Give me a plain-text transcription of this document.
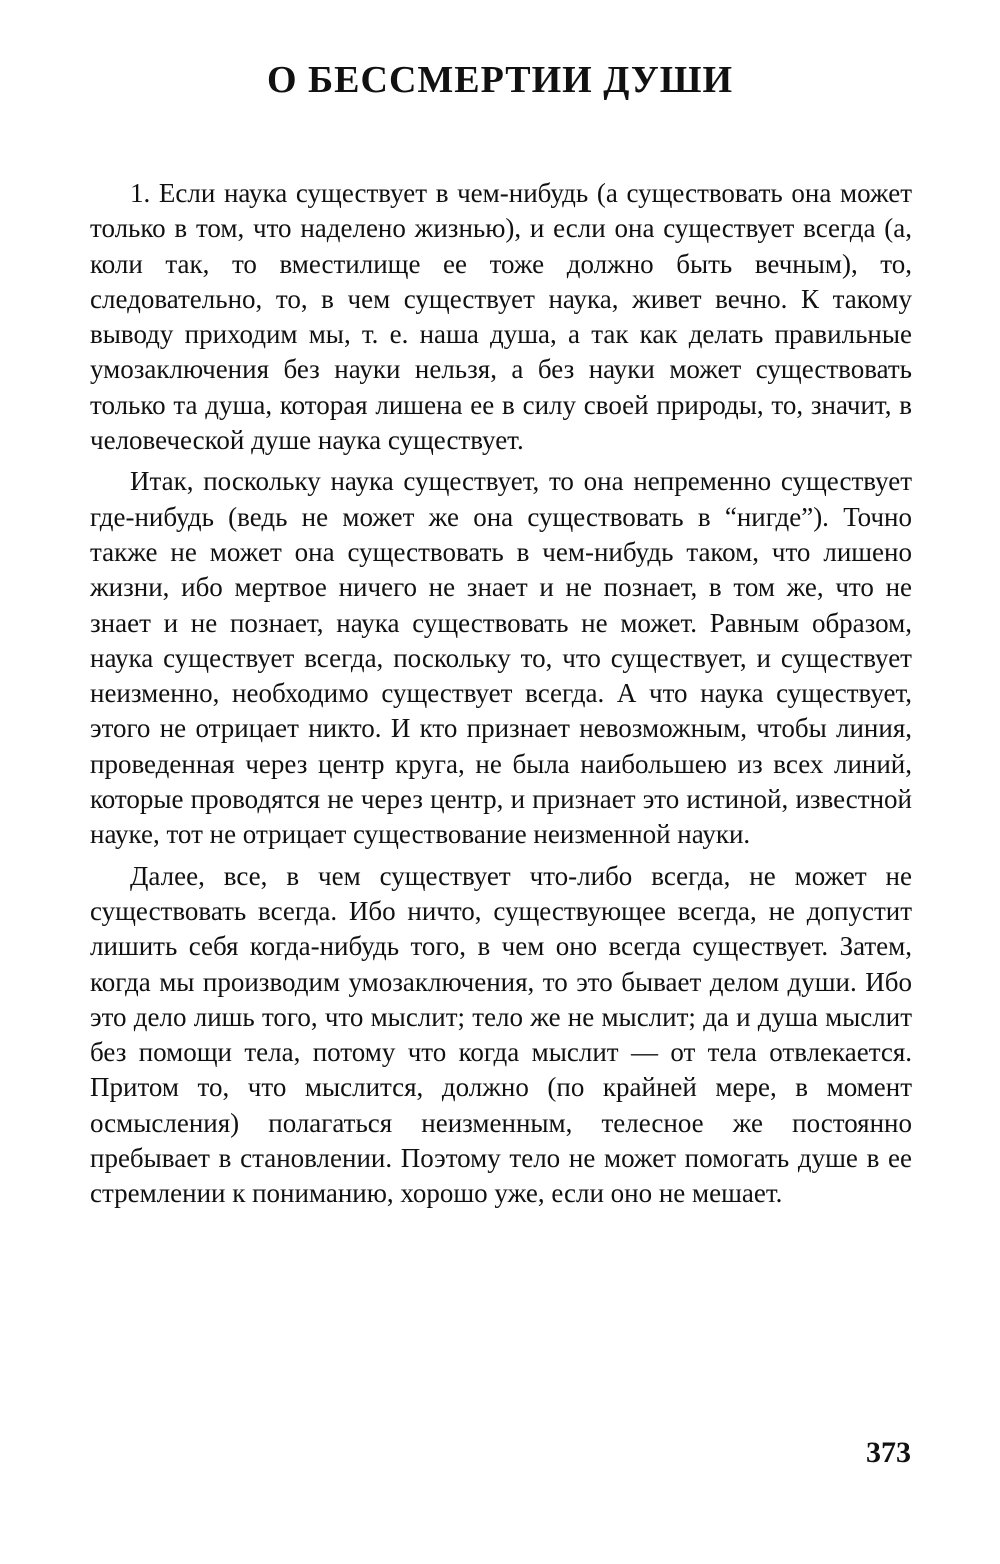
О БЕССМЕРТИИ ДУШИ

1. Если наука существует в чем-нибудь (а существовать она может только в том, что наделено жизнью), и если она существует всегда (а, коли так, то вместилище ее тоже должно быть вечным), то, следовательно, то, в чем существует наука, живет вечно. К такому выводу приходим мы, т. е. наша душа, а так как делать правильные умозаключения без науки нельзя, а без науки может существовать только та душа, которая лишена ее в силу своей природы, то, значит, в человеческой душе наука существует.

Итак, поскольку наука существует, то она непременно существует где-нибудь (ведь не может же она существовать в “нигде”). Точно также не может она существовать в чем-нибудь таком, что лишено жизни, ибо мертвое ничего не знает и не познает, в том же, что не знает и не познает, наука существовать не может. Равным образом, наука существует всегда, поскольку то, что существует, и существует неизменно, необходимо существует всегда. А что наука существует, этого не отрицает никто. И кто признает невозможным, чтобы линия, проведенная через центр круга, не была наибольшею из всех линий, которые проводятся не через центр, и признает это истиной, известной науке, тот не отрицает существование неизменной науки.

Далее, все, в чем существует что-либо всегда, не может не существовать всегда. Ибо ничто, существующее всегда, не допустит лишить себя когда-нибудь того, в чем оно всегда существует. Затем, когда мы производим умозаключения, то это бывает делом души. Ибо это дело лишь того, что мыслит; тело же не мыслит; да и душа мыслит без помощи тела, потому что когда мыслит — от тела отвлекается. Притом то, что мыслится, должно (по крайней мере, в момент осмысления) полагаться неизменным, телесное же постоянно пребывает в становлении. Поэтому тело не может помогать душе в ее стремлении к пониманию, хорошо уже, если оно не мешает.

373
